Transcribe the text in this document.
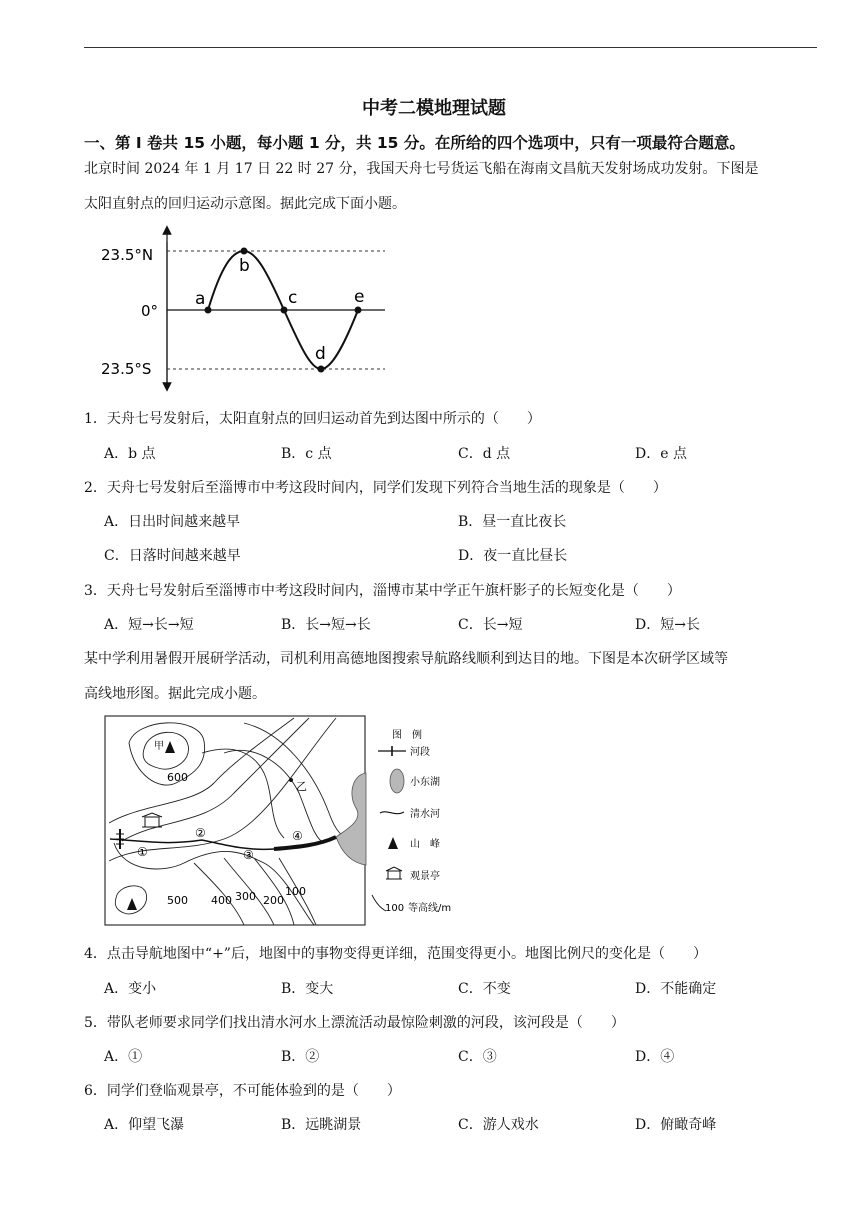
中考二模地理试题
一、第 I 卷共 15 小题，每小题 1 分，共 15 分。在所给的四个选项中，只有一项最符合题意。
北京时间 2024 年 1 月 17 日 22 时 27 分，我国天舟七号货运飞船在海南文昌航天发射场成功发射。下图是
太阳直射点的回归运动示意图。据此完成下面小题。
23.5°N
0°
23.5°S
a
b
c
d
e
1．天舟七号发射后，太阳直射点的回归运动首先到达图中所示的（　　）
A．b 点	B．c 点	C．d 点	D．e 点
2．天舟七号发射后至淄博市中考这段时间内，同学们发现下列符合当地生活的现象是（　　）
A．日出时间越来越早	B．昼一直比夜长
C．日落时间越来越早	D．夜一直比昼长
3．天舟七号发射后至淄博市中考这段时间内，淄博市某中学正午旗杆影子的长短变化是（　　）
A．短→长→短	B．长→短→长	C．长→短	D．短→长
某中学利用暑假开展研学活动，司机利用高德地图搜索导航路线顺利到达目的地。下图是本次研学区域等
高线地形图。据此完成小题。
甲
乙
600
500 400 300 200
100
①
②
③
④
图　例
河段
小东湖
清水河
山　峰
观景亭
100 等高线/m
4．点击导航地图中“+”后，地图中的事物变得更详细，范围变得更小。地图比例尺的变化是（　　）
A．变小	B．变大	C．不变	D．不能确定
5．带队老师要求同学们找出清水河水上漂流活动最惊险刺激的河段，该河段是（　　）
A．①	B．②	C．③	D．④
6．同学们登临观景亭，不可能体验到的是（　　）
A．仰望飞瀑	B．远眺湖景	C．游人戏水	D．俯瞰奇峰
